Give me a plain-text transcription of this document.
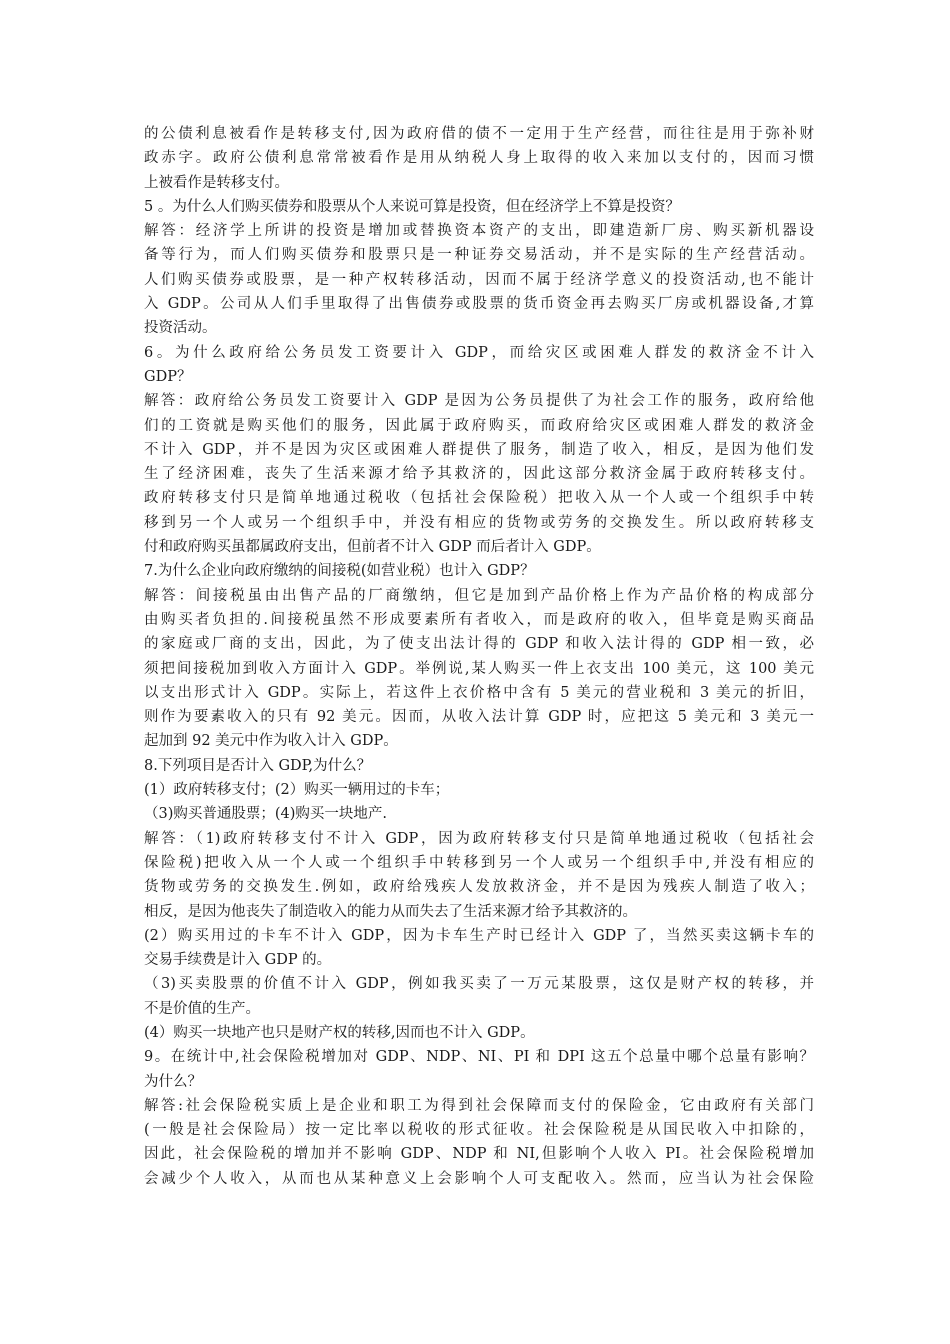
的公债利息被看作是转移支付,因为政府借的债不一定用于生产经营，而往往是用于弥补财
政赤字。政府公债利息常常被看作是用从纳税人身上取得的收入来加以支付的，因而习惯
上被看作是转移支付。
5 。为什么人们购买债券和股票从个人来说可算是投资，但在经济学上不算是投资？
解答：经济学上所讲的投资是增加或替换资本资产的支出，即建造新厂房、购买新机器设
备等行为，而人们购买债券和股票只是一种证券交易活动，并不是实际的生产经营活动。
人们购买债券或股票，是一种产权转移活动，因而不属于经济学意义的投资活动,也不能计
入 GDP。公司从人们手里取得了出售债券或股票的货币资金再去购买厂房或机器设备,才算
投资活动。
6。为什么政府给公务员发工资要计入 GDP，而给灾区或困难人群发的救济金不计入
GDP？
解答：政府给公务员发工资要计入 GDP 是因为公务员提供了为社会工作的服务，政府给他
们的工资就是购买他们的服务，因此属于政府购买，而政府给灾区或困难人群发的救济金
不计入 GDP，并不是因为灾区或困难人群提供了服务，制造了收入，相反，是因为他们发
生了经济困难，丧失了生活来源才给予其救济的，因此这部分救济金属于政府转移支付。
政府转移支付只是简单地通过税收（包括社会保险税）把收入从一个人或一个组织手中转
移到另一个人或另一个组织手中，并没有相应的货物或劳务的交换发生。所以政府转移支
付和政府购买虽都属政府支出，但前者不计入 GDP 而后者计入 GDP。
7.为什么企业向政府缴纳的间接税(如营业税）也计入 GDP？
解答：间接税虽由出售产品的厂商缴纳，但它是加到产品价格上作为产品价格的构成部分
由购买者负担的.间接税虽然不形成要素所有者收入，而是政府的收入，但毕竟是购买商品
的家庭或厂商的支出，因此，为了使支出法计得的 GDP 和收入法计得的 GDP 相一致，必
须把间接税加到收入方面计入 GDP。举例说,某人购买一件上衣支出 100 美元，这 100 美元
以支出形式计入 GDP。实际上，若这件上衣价格中含有 5 美元的营业税和 3 美元的折旧，
则作为要素收入的只有 92 美元。因而，从收入法计算 GDP 时，应把这 5 美元和 3 美元一
起加到 92 美元中作为收入计入 GDP。
8.下列项目是否计入 GDP,为什么？
(1）政府转移支付；(2）购买一辆用过的卡车；
（3)购买普通股票；(4)购买一块地产.
解答：（1)政府转移支付不计入 GDP，因为政府转移支付只是简单地通过税收（包括社会
保险税)把收入从一个人或一个组织手中转移到另一个人或另一个组织手中,并没有相应的
货物或劳务的交换发生.例如，政府给残疾人发放救济金，并不是因为残疾人制造了收入；
相反，是因为他丧失了制造收入的能力从而失去了生活来源才给予其救济的。
(2）购买用过的卡车不计入 GDP，因为卡车生产时已经计入 GDP 了，当然买卖这辆卡车的
交易手续费是计入 GDP 的。
（3)买卖股票的价值不计入 GDP，例如我买卖了一万元某股票，这仅是财产权的转移，并
不是价值的生产。
(4）购买一块地产也只是财产权的转移,因而也不计入 GDP。
9。在统计中,社会保险税增加对 GDP、NDP、NI、PI 和 DPI 这五个总量中哪个总量有影响？
为什么？
解答:社会保险税实质上是企业和职工为得到社会保障而支付的保险金，它由政府有关部门
(一般是社会保险局）按一定比率以税收的形式征收。社会保险税是从国民收入中扣除的，
因此，社会保险税的增加并不影响 GDP、NDP 和 NI,但影响个人收入 PI。社会保险税增加
会减少个人收入，从而也从某种意义上会影响个人可支配收入。然而，应当认为社会保险
